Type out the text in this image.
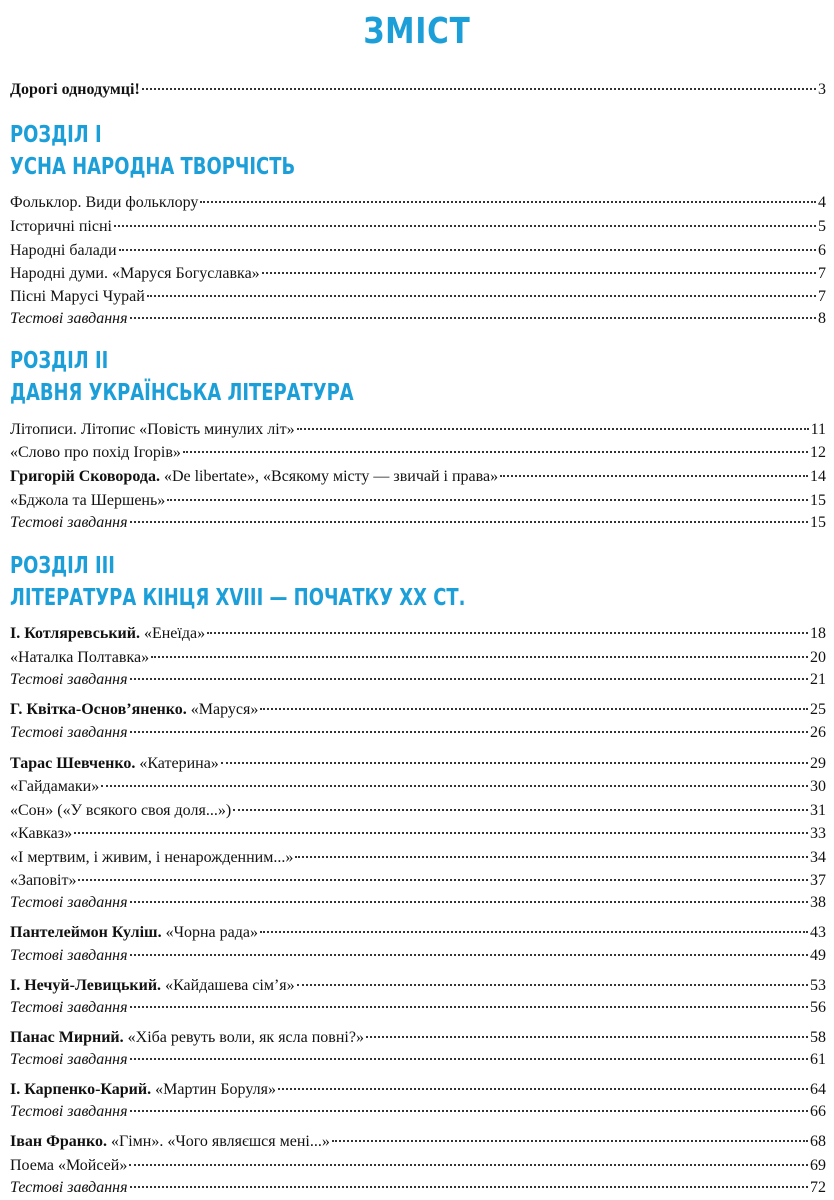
ЗМІСТ
Дорогі однодумці!	3
РОЗДІЛ I
УСНА НАРОДНА ТВОРЧІСТЬ
Фольклор. Види фольклору	4
Історичні пісні	5
Народні балади	6
Народні думи. «Маруся Богуславка»	7
Пісні Марусі Чурай	7
Тестові завдання	8
РОЗДІЛ II
ДАВНЯ УКРАЇНСЬКА ЛІТЕРАТУРА
Літописи. Літопис «Повість минулих літ»	11
«Слово про похід Ігорів»	12
Григорій Сковорода. «De libertate», «Всякому місту — звичай і права»	14
«Бджола та Шершень»	15
Тестові завдання	15
РОЗДІЛ III
ЛІТЕРАТУРА КІНЦЯ XVIII — ПОЧАТКУ XX СТ.
І. Котляревський. «Енеїда»	18
«Наталка Полтавка»	20
Тестові завдання	21
Г. Квітка-Основ’яненко. «Маруся»	25
Тестові завдання	26
Тарас Шевченко. «Катерина»	29
«Гайдамаки»	30
«Сон» («У всякого своя доля...»)	31
«Кавказ»	33
«І мертвим, і живим, і ненарожденним...»	34
«Заповіт»	37
Тестові завдання	38
Пантелеймон Куліш. «Чорна рада»	43
Тестові завдання	49
І. Нечуй-Левицький. «Кайдашева сім’я»	53
Тестові завдання	56
Панас Мирний. «Хіба ревуть воли, як ясла повні?»	58
Тестові завдання	61
І. Карпенко-Карий. «Мартин Боруля»	64
Тестові завдання	66
Іван Франко. «Гімн». «Чого являєшся мені...»	68
Поема «Мойсей»	69
Тестові завдання	72
